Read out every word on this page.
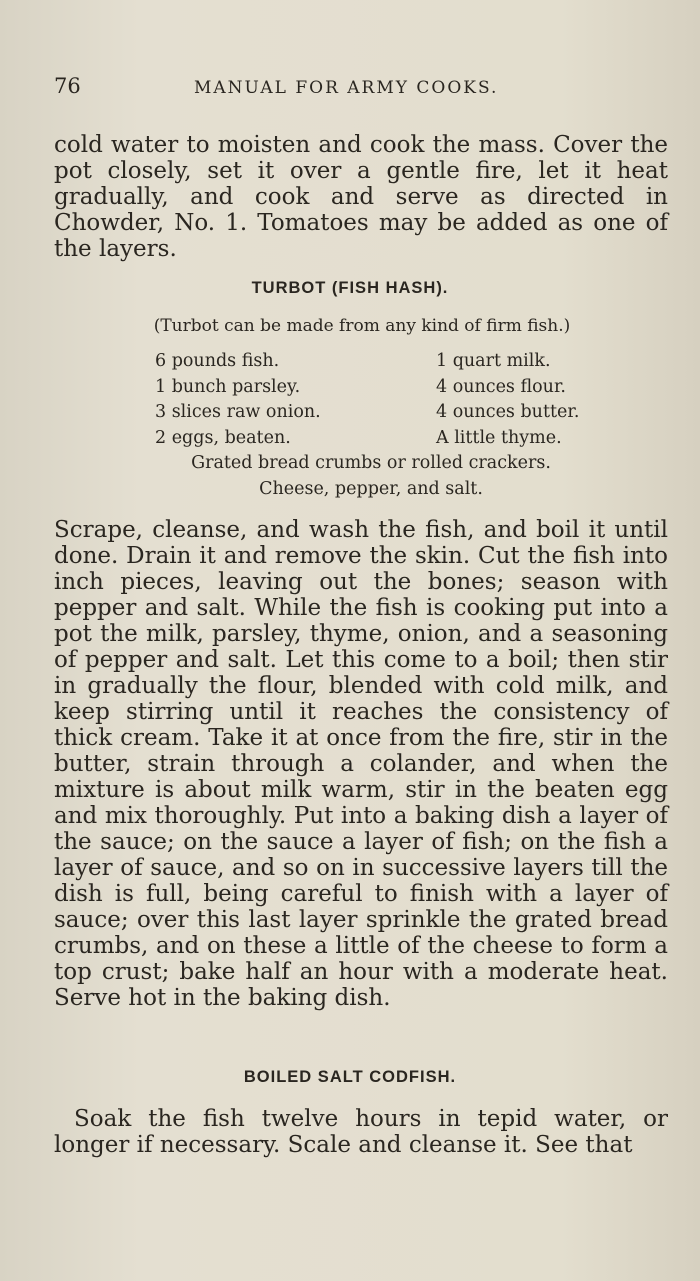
76	MANUAL FOR ARMY COOKS.
cold water to moisten and cook the mass. Cover the pot closely, set it over a gentle fire, let it heat gradually, and cook and serve as directed in Chowder, No. 1. Tomatoes may be added as one of the layers.
TURBOT (FISH HASH).
(Turbot can be made from any kind of firm fish.)
6 pounds fish.
1 bunch parsley.
3 slices raw onion.
2 eggs, beaten.
1 quart milk.
4 ounces flour.
4 ounces butter.
A little thyme.
Grated bread crumbs or rolled crackers.
Cheese, pepper, and salt.
Scrape, cleanse, and wash the fish, and boil it until done. Drain it and remove the skin. Cut the fish into inch pieces, leaving out the bones; season with pepper and salt. While the fish is cooking put into a pot the milk, parsley, thyme, onion, and a seasoning of pepper and salt. Let this come to a boil; then stir in gradually the flour, blended with cold milk, and keep stirring until it reaches the consistency of thick cream. Take it at once from the fire, stir in the butter, strain through a colander, and when the mixture is about milk warm, stir in the beaten egg and mix thoroughly. Put into a baking dish a layer of the sauce; on the sauce a layer of fish; on the fish a layer of sauce, and so on in successive layers till the dish is full, being careful to finish with a layer of sauce; over this last layer sprinkle the grated bread crumbs, and on these a little of the cheese to form a top crust; bake half an hour with a moderate heat. Serve hot in the baking dish.
BOILED SALT CODFISH.
Soak the fish twelve hours in tepid water, or longer if necessary. Scale and cleanse it. See that
